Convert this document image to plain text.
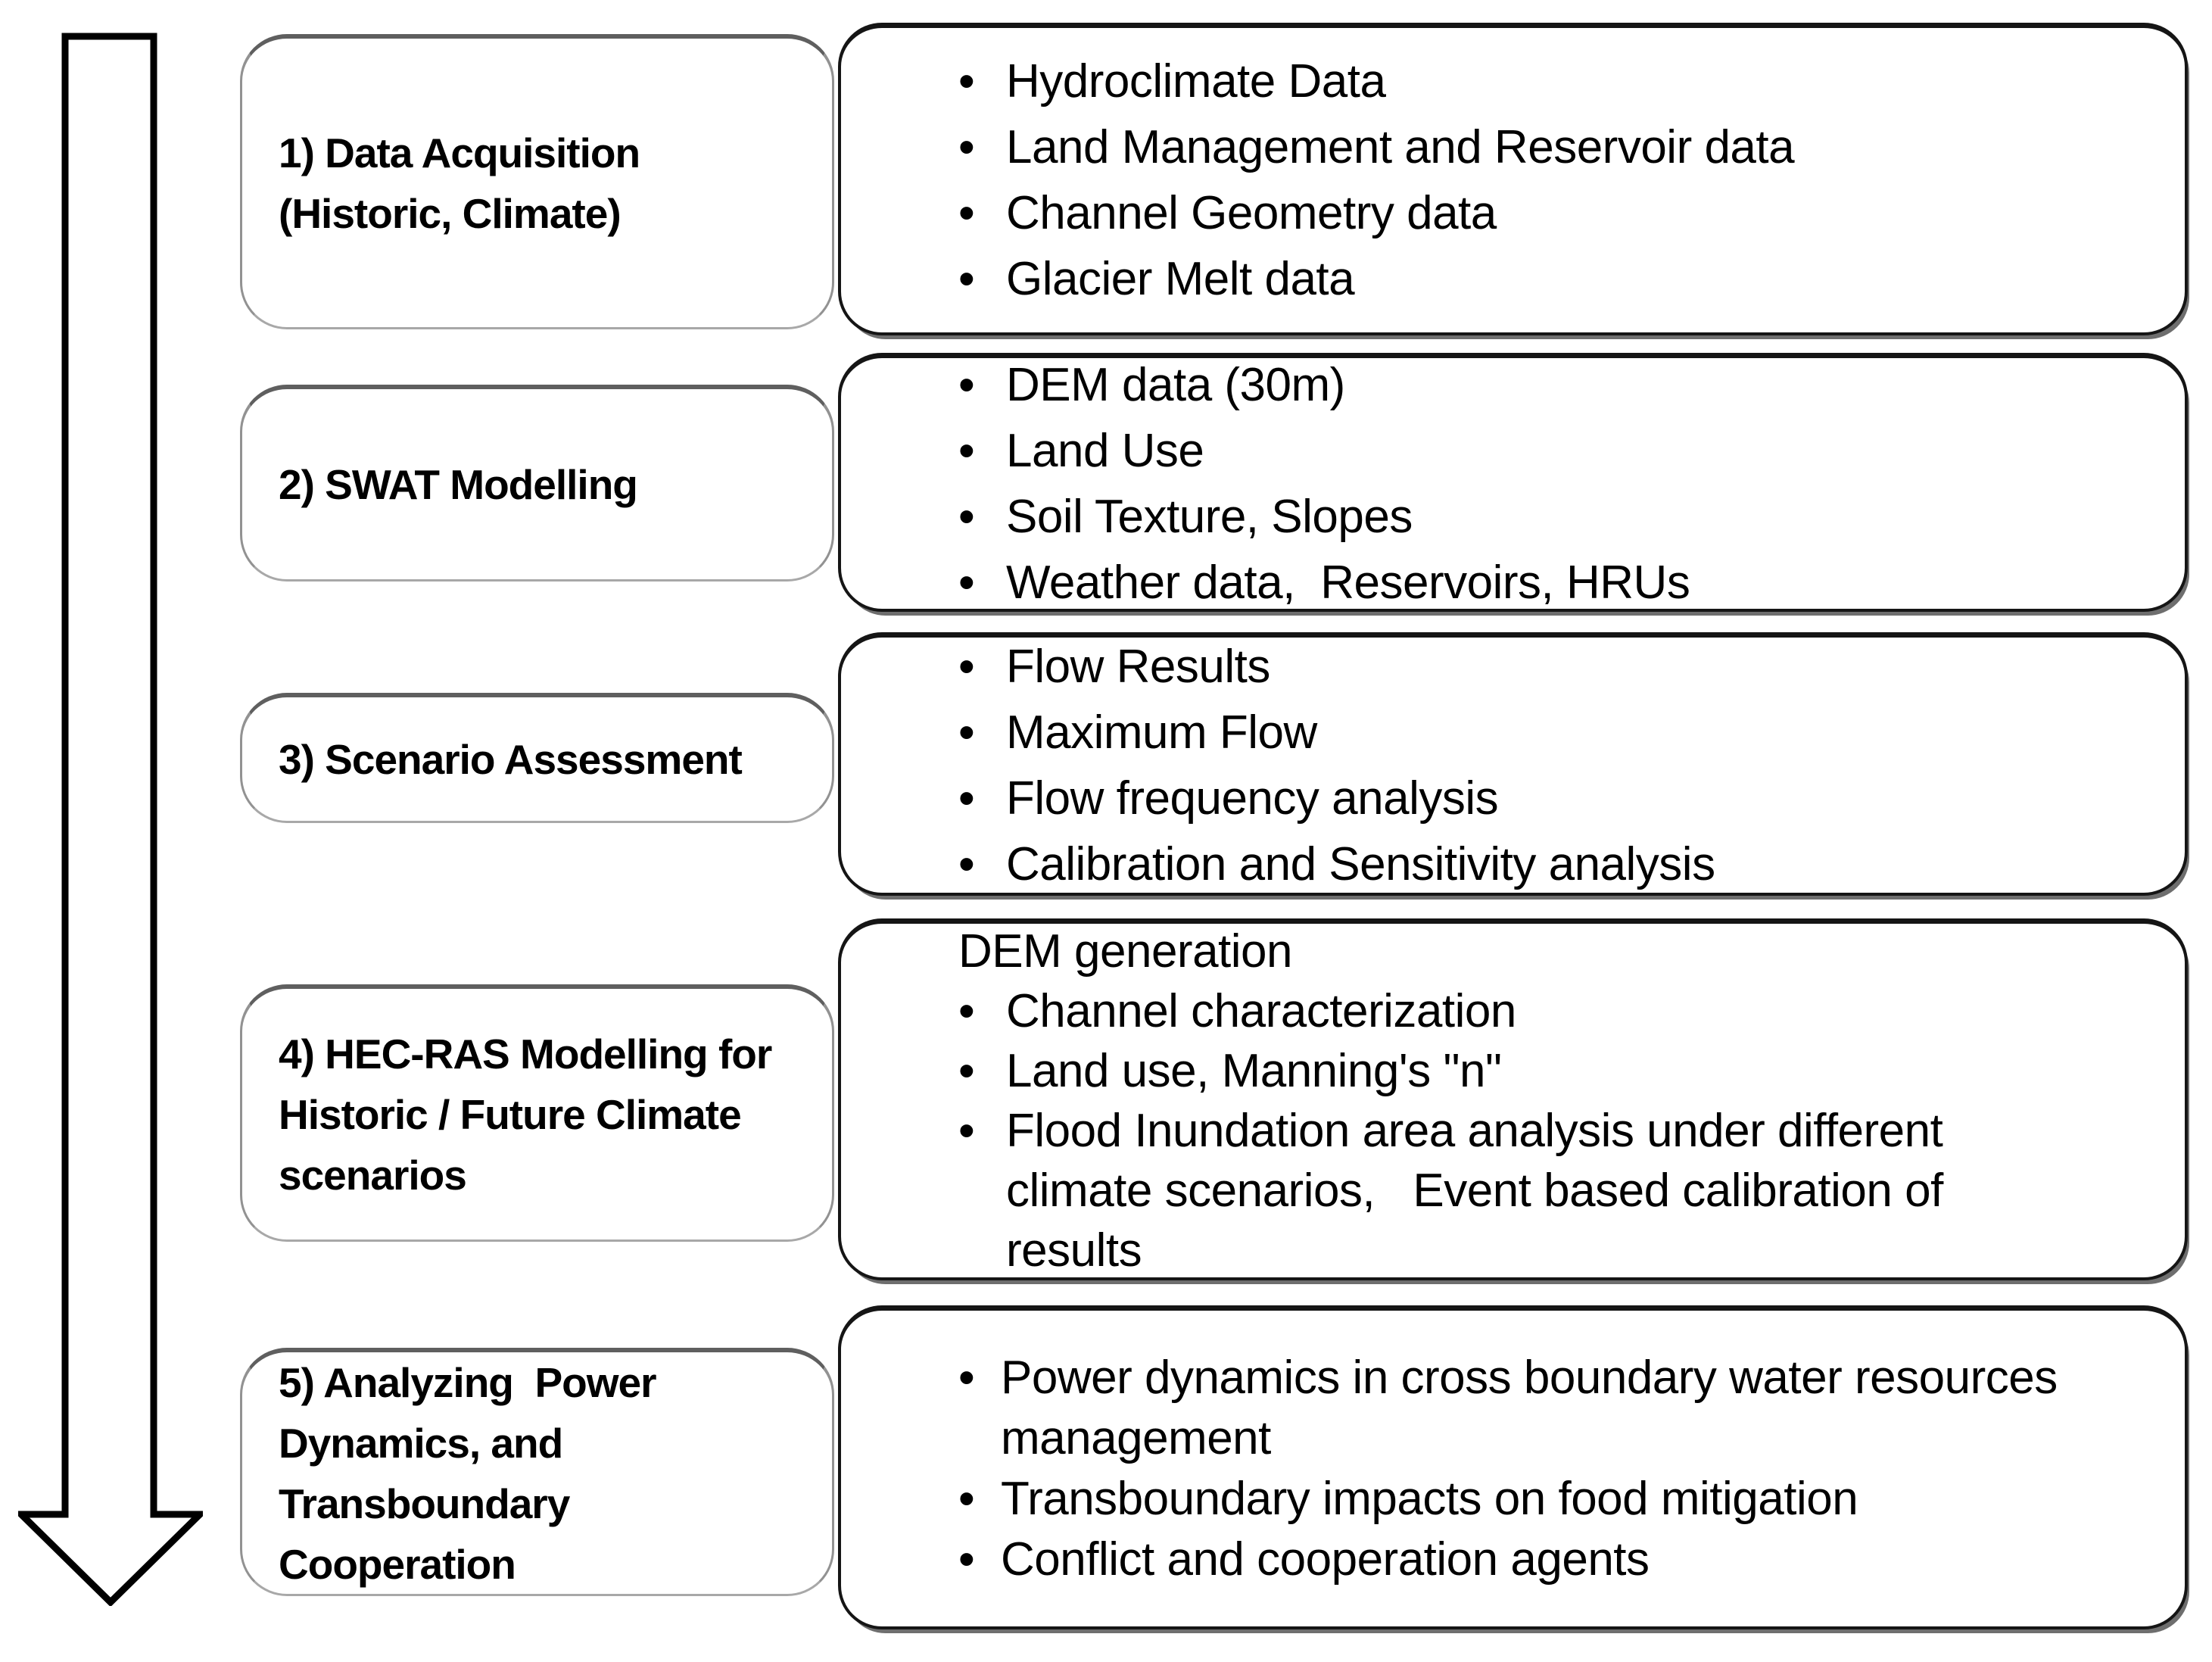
1) Data Acquisition
(Historic, Climate)
2) SWAT Modelling
3) Scenario Assessment
4) HEC-RAS Modelling for
Historic / Future Climate
scenarios
5) Analyzing  Power
Dynamics, and
Transboundary
Cooperation
• Hydroclimate Data
• Land Management and Reservoir data
• Channel Geometry data
• Glacier Melt data
• DEM data (30m)
• Land Use
• Soil Texture, Slopes
• Weather data,  Reservoirs, HRUs
• Flow Results
• Maximum Flow
• Flow frequency analysis
• Calibration and Sensitivity analysis
DEM generation
• Channel characterization
• Land use, Manning's "n"
• Flood Inundation area analysis under different
climate scenarios,   Event based calibration of
results
• Power dynamics in cross boundary water resources
management
• Transboundary impacts on food mitigation
• Conflict and cooperation agents
